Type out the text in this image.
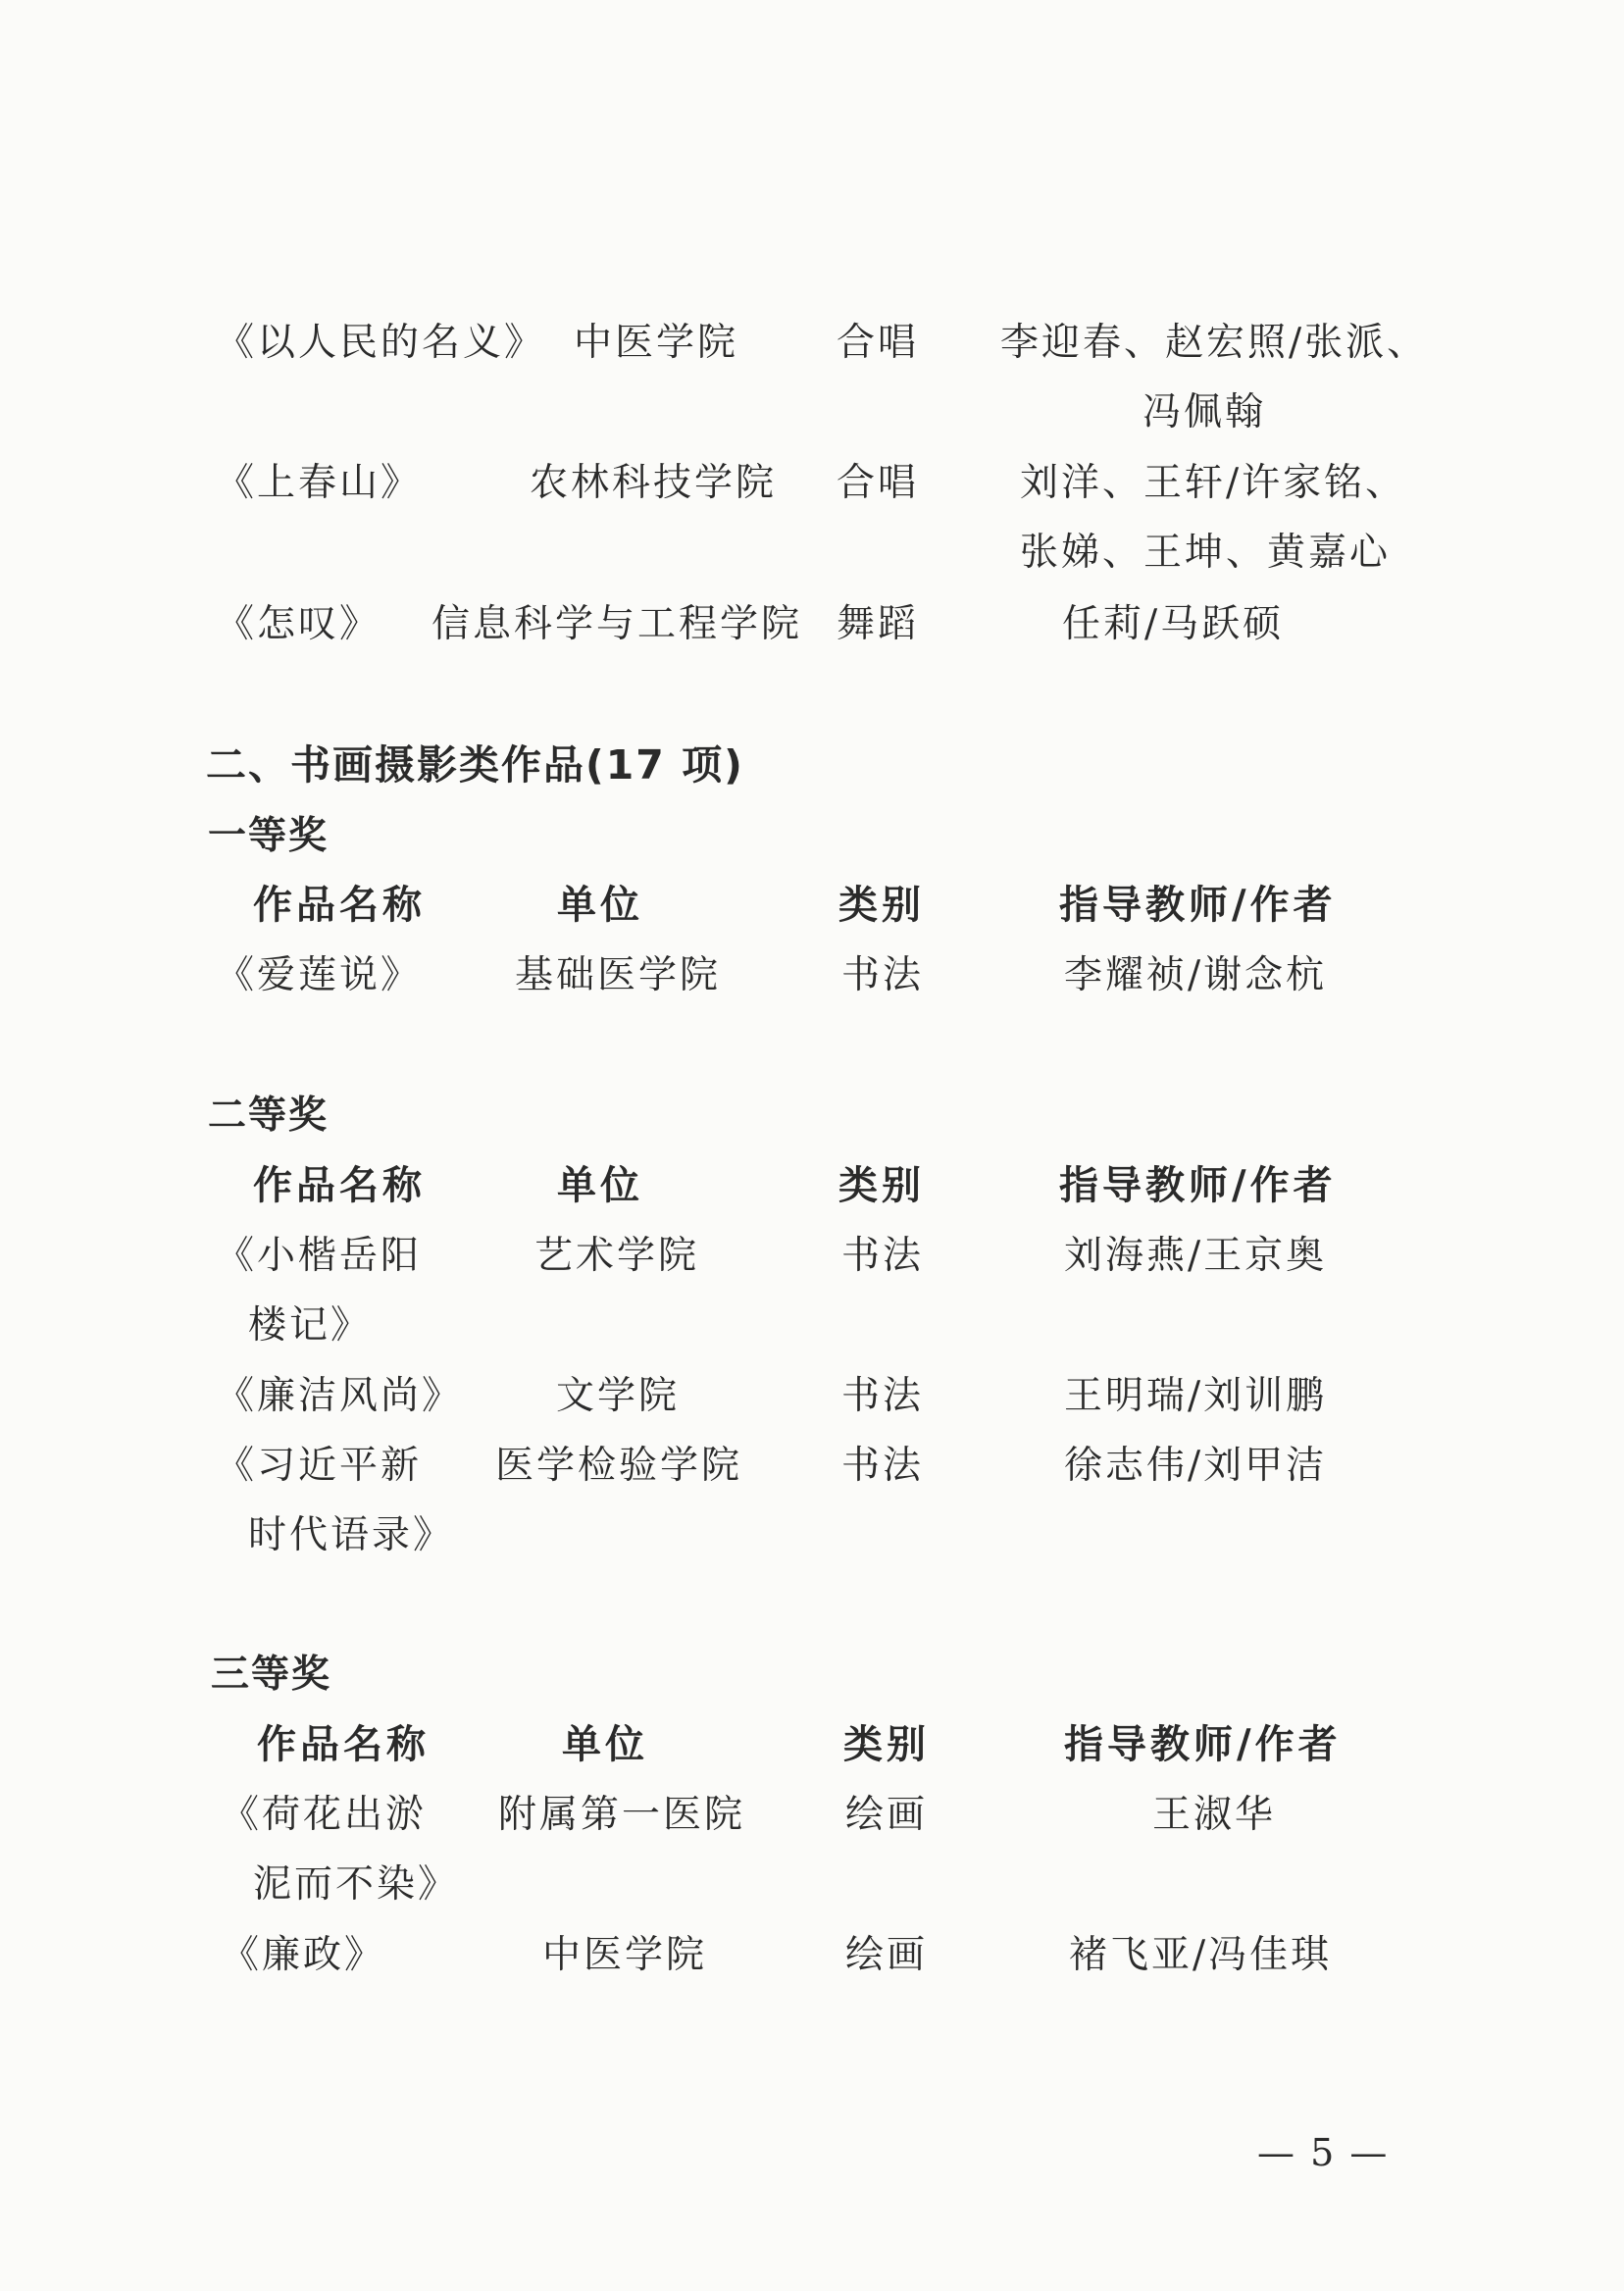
《以人民的名义》 中医学院	合唱 李迎春、赵宏照/张派、
冯佩翰
《上春山》	农林科技学院 合唱	刘洋、王轩/许家铭、
张娣、王坤、黄嘉心
《怎叹》 信息科学与工程学院 舞蹈	任莉/马跃硕
二、书画摄影类作品(17 项)
一等奖
作品名称	单位	类别	指导教师/作者
《爱莲说》 基础医学院	书法	李耀祯/谢念杭
二等奖
作品名称	单位	类别	指导教师/作者
《小楷岳阳
楼记》
艺术学院	书法	刘海燕/王京奥
《廉洁风尚》 文学院	书法	王明瑞/刘训鹏
《习近平新
时代语录》
医学检验学院	书法	徐志伟/刘甲洁
三等奖
作品名称	单位	类别	指导教师/作者
《荷花出淤
泥而不染》
附属第一医院	绘画	王淑华
《廉政》	中医学院	绘画	褚飞亚/冯佳琪
— 5 —
